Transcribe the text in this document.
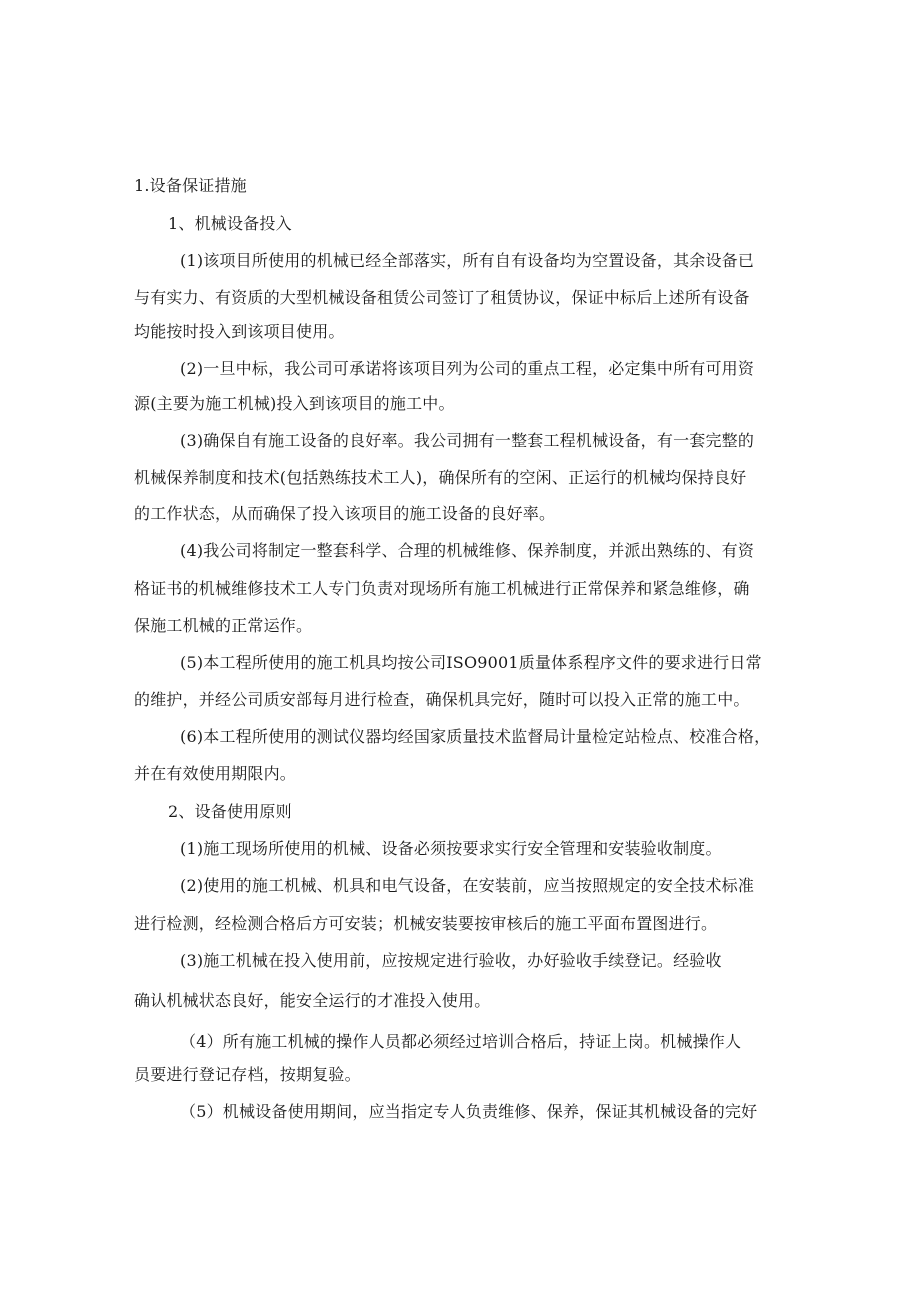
1.设备保证措施
1、机械设备投入
(1)该项目所使用的机械已经全部落实，所有自有设备均为空置设备，其余设备已
与有实力、有资质的大型机械设备租赁公司签订了租赁协议，保证中标后上述所有设备
均能按时投入到该项目使用。
(2)一旦中标，我公司可承诺将该项目列为公司的重点工程，必定集中所有可用资
源(主要为施工机械)投入到该项目的施工中。
(3)确保自有施工设备的良好率。我公司拥有一整套工程机械设备，有一套完整的
机械保养制度和技术(包括熟练技术工人)，确保所有的空闲、正运行的机械均保持良好
的工作状态，从而确保了投入该项目的施工设备的良好率。
(4)我公司将制定一整套科学、合理的机械维修、保养制度，并派出熟练的、有资
格证书的机械维修技术工人专门负责对现场所有施工机械进行正常保养和紧急维修，确
保施工机械的正常运作。
(5)本工程所使用的施工机具均按公司ISO9001质量体系程序文件的要求进行日常
的维护，并经公司质安部每月进行检查，确保机具完好，随时可以投入正常的施工中。
(6)本工程所使用的测试仪器均经国家质量技术监督局计量检定站检点、校准合格，
并在有效使用期限内。
2、设备使用原则
(1)施工现场所使用的机械、设备必须按要求实行安全管理和安装验收制度。
(2)使用的施工机械、机具和电气设备，在安装前，应当按照规定的安全技术标准
进行检测，经检测合格后方可安装；机械安装要按审核后的施工平面布置图进行。
(3)施工机械在投入使用前，应按规定进行验收，办好验收手续登记。经验收
确认机械状态良好，能安全运行的才准投入使用。
（4）所有施工机械的操作人员都必须经过培训合格后，持证上岗。机械操作人
员要进行登记存档，按期复验。
（5）机械设备使用期间，应当指定专人负责维修、保养，保证其机械设备的完好
